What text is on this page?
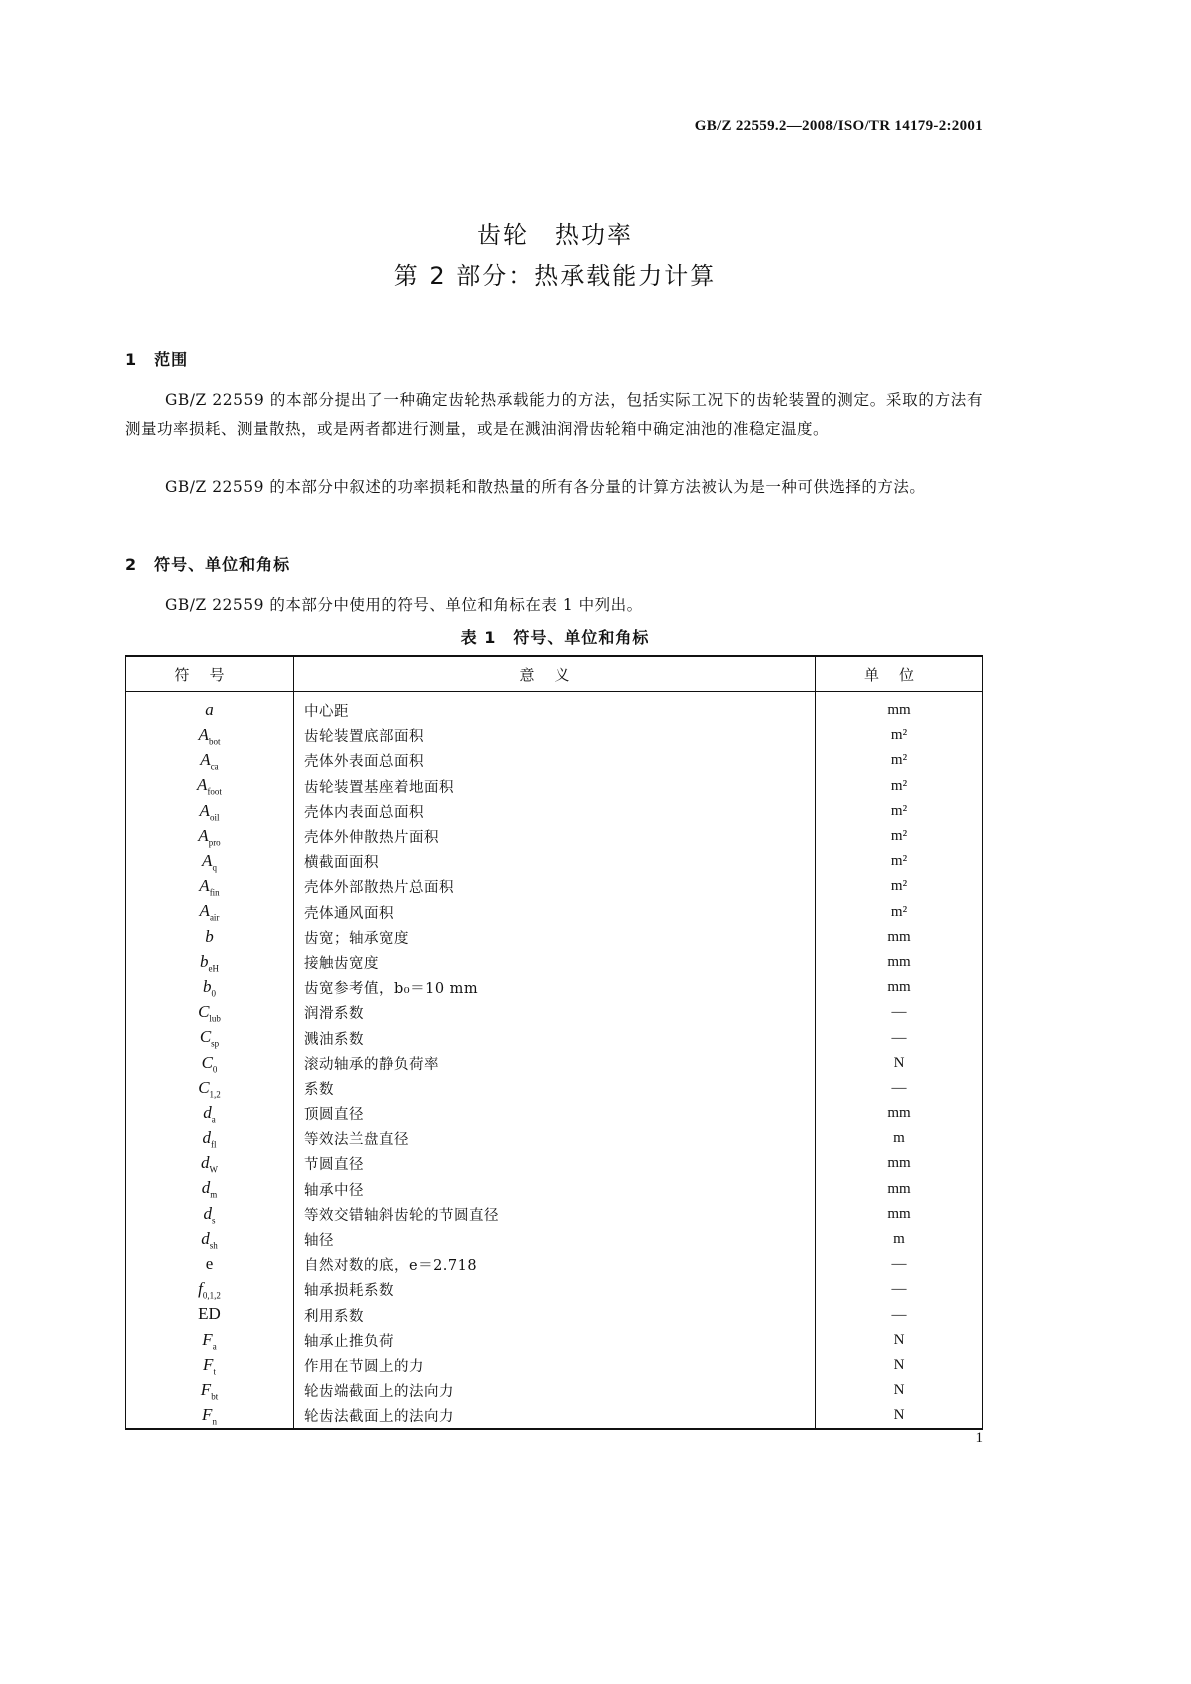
GB/Z 22559.2—2008/ISO/TR 14179-2:2001
齿轮　热功率
第 2 部分：热承载能力计算
1　范围
GB/Z 22559 的本部分提出了一种确定齿轮热承载能力的方法，包括实际工况下的齿轮装置的测定。采取的方法有测量功率损耗、测量散热，或是两者都进行测量，或是在溅油润滑齿轮箱中确定油池的准稳定温度。
GB/Z 22559 的本部分中叙述的功率损耗和散热量的所有各分量的计算方法被认为是一种可供选择的方法。
2　符号、单位和角标
GB/Z 22559 的本部分中使用的符号、单位和角标在表 1 中列出。
表 1　符号、单位和角标
符号	意义	单位
a	中心距	mm
$A_{bot}$	齿轮装置底部面积	m²
$A_{ca}$	壳体外表面总面积	m²
$A_{foot}$	齿轮装置基座着地面积	m²
$A_{oil}$	壳体内表面总面积	m²
$A_{pro}$	壳体外伸散热片面积	m²
$A_q$	横截面面积	m²
$A_{fin}$	壳体外部散热片总面积	m²
$A_{air}$	壳体通风面积	m²
b	齿宽；轴承宽度	mm
$b_{eH}$	接触齿宽度	mm
$b_0$	齿宽参考值，b₀＝10 mm	mm
$C_{lub}$	润滑系数	—
$C_{sp}$	溅油系数	—
$C_0$	滚动轴承的静负荷率	N
$C_{1,2}$	系数	—
$d_a$	顶圆直径	mm
$d_{fl}$	等效法兰盘直径	m
$d_W$	节圆直径	mm
$d_m$	轴承中径	mm
$d_s$	等效交错轴斜齿轮的节圆直径	mm
$d_{sh}$	轴径	m
e	自然对数的底，e＝2.718	—
$f_{0,1,2}$	轴承损耗系数	—
ED	利用系数	—
$F_a$	轴承止推负荷	N
$F_t$	作用在节圆上的力	N
$F_{bt}$	轮齿端截面上的法向力	N
$F_n$	轮齿法截面上的法向力	N
1
